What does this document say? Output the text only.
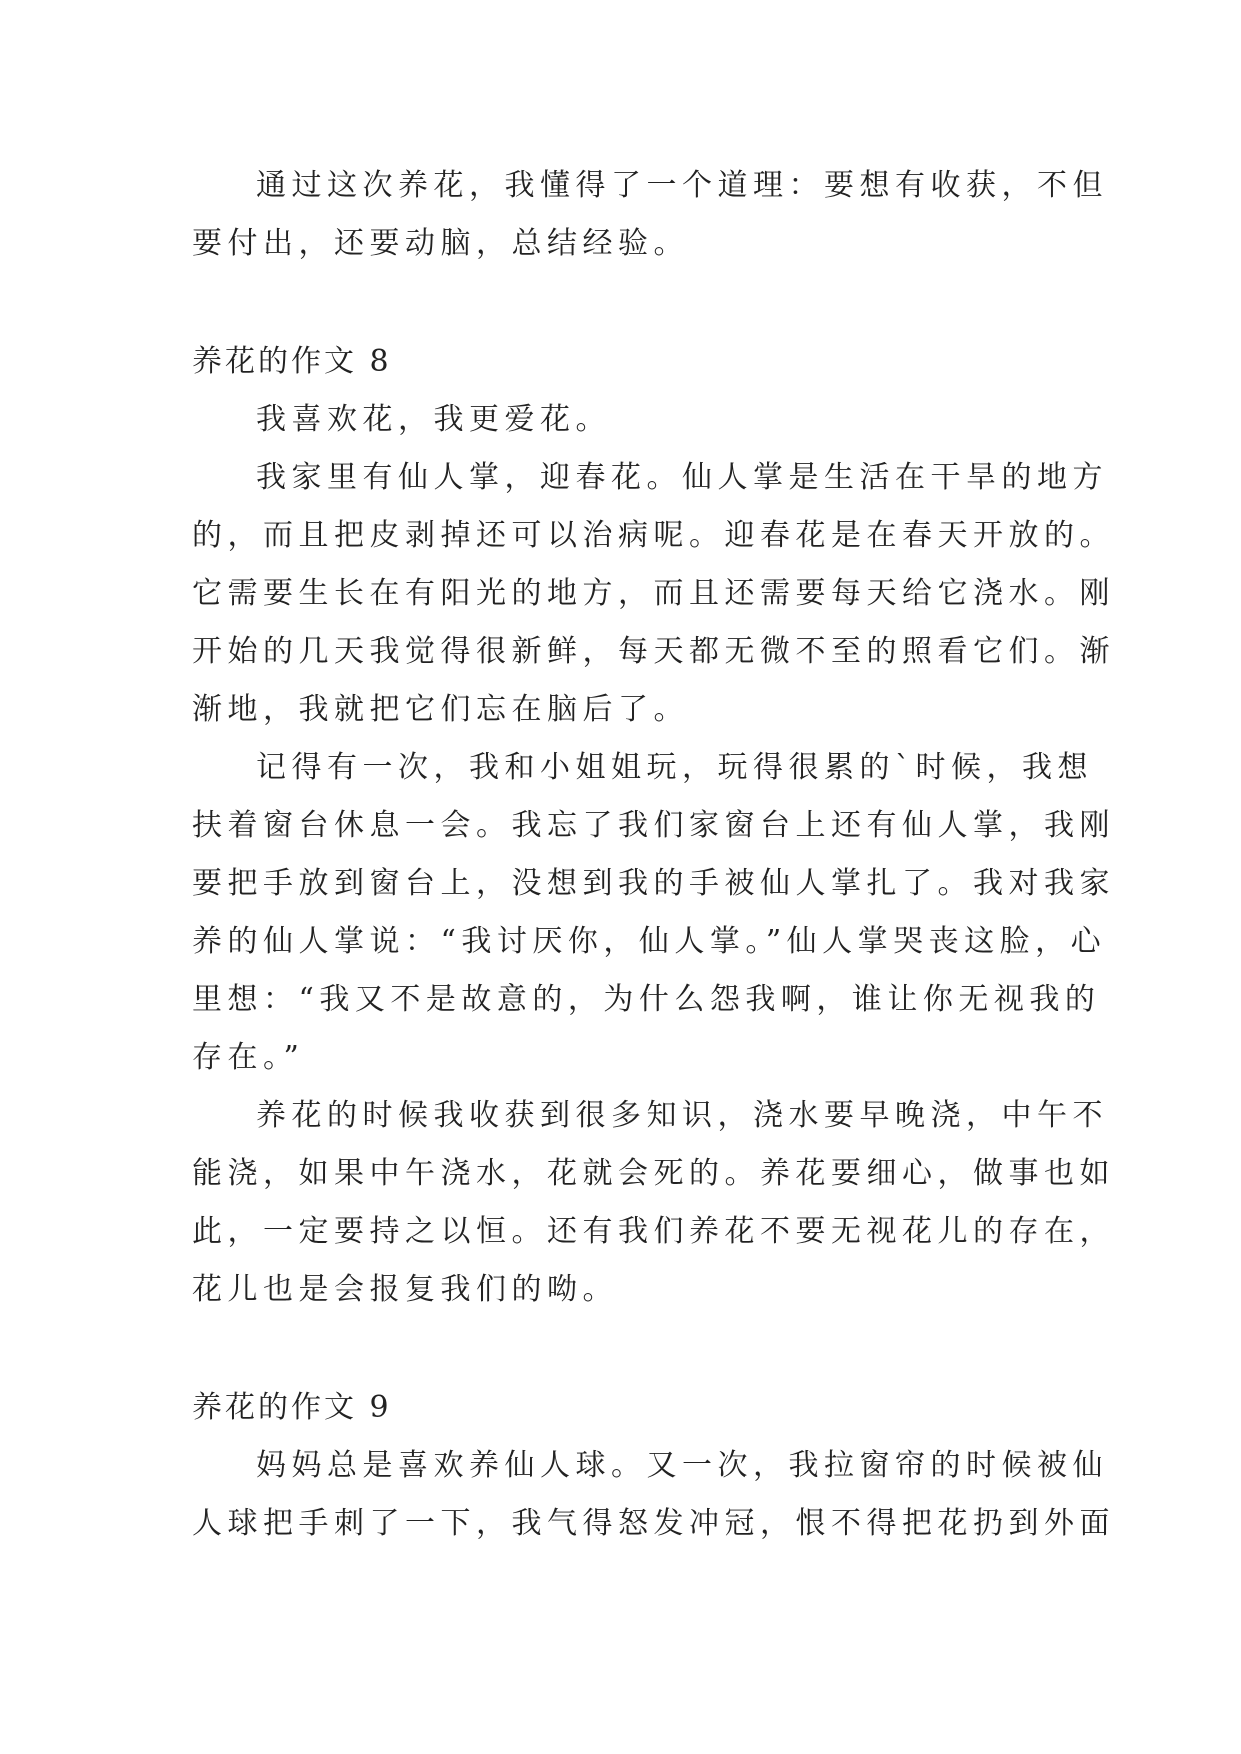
通过这次养花，我懂得了一个道理：要想有收获，不但
要付出，还要动脑，总结经验。
养花的作文 8
我喜欢花，我更爱花。
我家里有仙人掌，迎春花。仙人掌是生活在干旱的地方
的，而且把皮剥掉还可以治病呢。迎春花是在春天开放的。
它需要生长在有阳光的地方，而且还需要每天给它浇水。刚
开始的几天我觉得很新鲜，每天都无微不至的照看它们。渐
渐地，我就把它们忘在脑后了。
记得有一次，我和小姐姐玩，玩得很累的`时候，我想
扶着窗台休息一会。我忘了我们家窗台上还有仙人掌，我刚
要把手放到窗台上，没想到我的手被仙人掌扎了。我对我家
养的仙人掌说：“我讨厌你，仙人掌。”仙人掌哭丧这脸，心
里想：“我又不是故意的，为什么怨我啊，谁让你无视我的
存在。”
养花的时候我收获到很多知识，浇水要早晚浇，中午不
能浇，如果中午浇水，花就会死的。养花要细心，做事也如
此，一定要持之以恒。还有我们养花不要无视花儿的存在，
花儿也是会报复我们的呦。
养花的作文 9
妈妈总是喜欢养仙人球。又一次，我拉窗帘的时候被仙
人球把手刺了一下，我气得怒发冲冠，恨不得把花扔到外面
